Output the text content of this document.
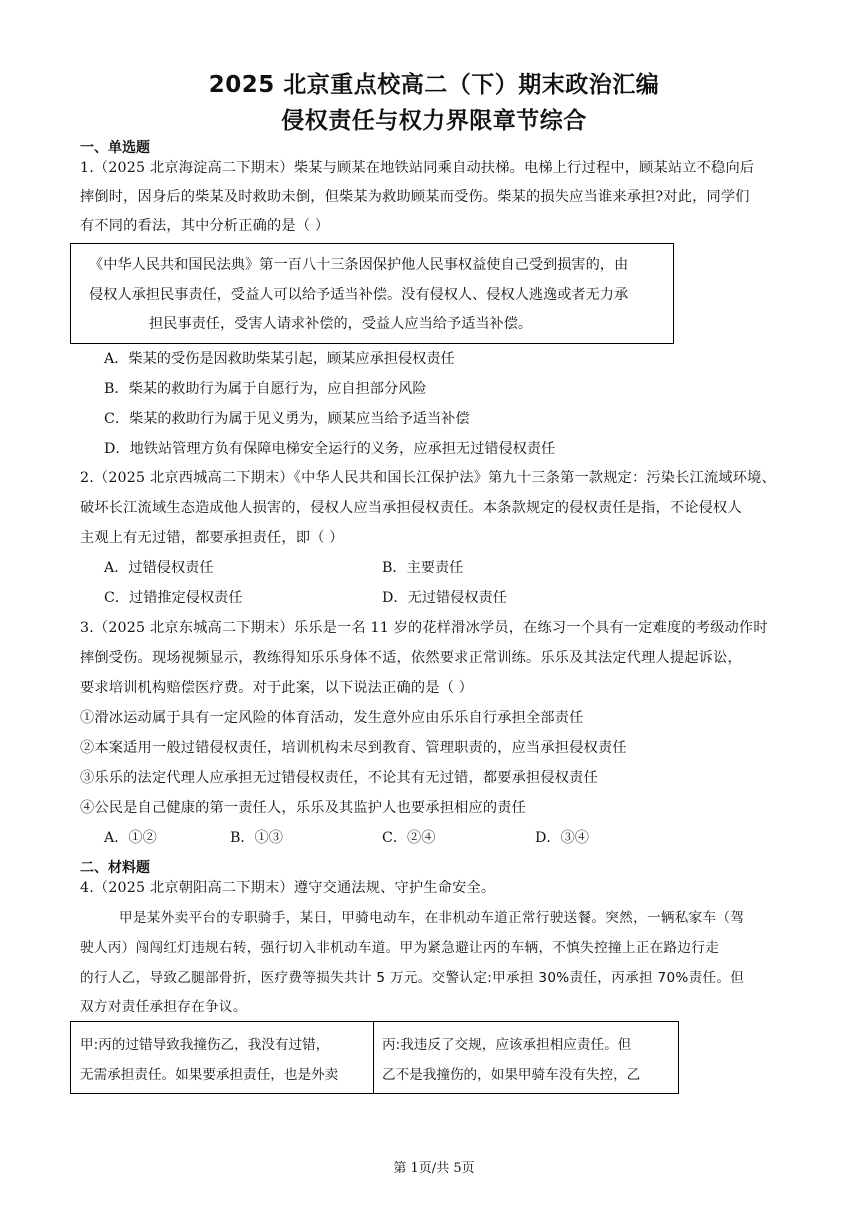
2025 北京重点校高二（下）期末政治汇编
侵权责任与权力界限章节综合
一、单选题
1.（2025 北京海淀高二下期末）柴某与顾某在地铁站同乘自动扶梯。电梯上行过程中，顾某站立不稳向后
摔倒时，因身后的柴某及时救助未倒，但柴某为救助顾某而受伤。柴某的损失应当谁来承担?对此，同学们
有不同的看法，其中分析正确的是（ ）
《中华人民共和国民法典》第一百八十三条因保护他人民事权益使自己受到损害的，由
侵权人承担民事责任，受益人可以给予适当补偿。没有侵权人、侵权人逃逸或者无力承
担民事责任，受害人请求补偿的，受益人应当给予适当补偿。
A．柴某的受伤是因救助柴某引起，顾某应承担侵权责任
B．柴某的救助行为属于自愿行为，应自担部分风险
C．柴某的救助行为属于见义勇为，顾某应当给予适当补偿
D．地铁站管理方负有保障电梯安全运行的义务，应承担无过错侵权责任
2.（2025 北京西城高二下期末）《中华人民共和国长江保护法》第九十三条第一款规定：污染长江流域环境、
破坏长江流域生态造成他人损害的，侵权人应当承担侵权责任。本条款规定的侵权责任是指，不论侵权人
主观上有无过错，都要承担责任，即（ ）
A．过错侵权责任	B．主要责任
C．过错推定侵权责任	D．无过错侵权责任
3.（2025 北京东城高二下期末）乐乐是一名 11 岁的花样滑冰学员，在练习一个具有一定难度的考级动作时
摔倒受伤。现场视频显示，教练得知乐乐身体不适，依然要求正常训练。乐乐及其法定代理人提起诉讼，
要求培训机构赔偿医疗费。对于此案，以下说法正确的是（ ）
①滑冰运动属于具有一定风险的体育活动，发生意外应由乐乐自行承担全部责任
②本案适用一般过错侵权责任，培训机构未尽到教育、管理职责的，应当承担侵权责任
③乐乐的法定代理人应承担无过错侵权责任，不论其有无过错，都要承担侵权责任
④公民是自己健康的第一责任人，乐乐及其监护人也要承担相应的责任
A．①②	B．①③	C．②④	D．③④
二、材料题
4.（2025 北京朝阳高二下期末）遵守交通法规、守护生命安全。
甲是某外卖平台的专职骑手，某日，甲骑电动车，在非机动车道正常行驶送餐。突然，一辆私家车（驾
驶人丙）闯闯红灯违规右转，强行切入非机动车道。甲为紧急避让丙的车辆，不慎失控撞上正在路边行走
的行人乙，导致乙腿部骨折，医疗费等损失共计 5 万元。交警认定:甲承担 30%责任，丙承担 70%责任。但
双方对责任承担存在争议。
甲:丙的过错导致我撞伤乙，我没有过错，
无需承担责任。如果要承担责任，也是外卖
丙:我违反了交规，应该承担相应责任。但
乙不是我撞伤的，如果甲骑车没有失控，乙
第 1页/共 5页
